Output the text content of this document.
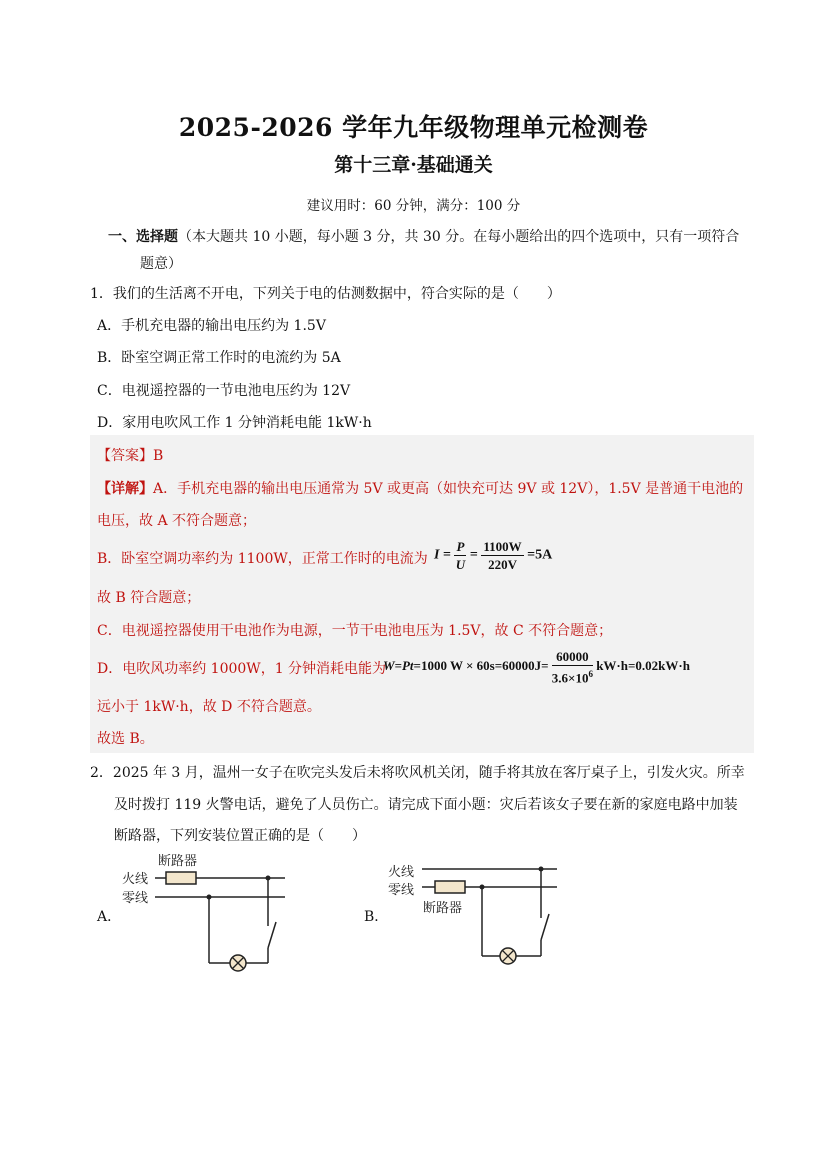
2025-2026 学年九年级物理单元检测卷
第十三章·基础通关
建议用时：60 分钟，满分：100 分
一、选择题（本大题共 10 小题，每小题 3 分，共 30 分。在每小题给出的四个选项中，只有一项符合
题意）
1．我们的生活离不开电，下列关于电的估测数据中，符合实际的是（　　）
A．手机充电器的输出电压约为 1.5V
B．卧室空调正常工作时的电流约为 5A
C．电视遥控器的一节电池电压约为 12V
D．家用电吹风工作 1 分钟消耗电能 1kW·h
【答案】B
【详解】A．手机充电器的输出电压通常为 5V 或更高（如快充可达 9V 或 12V），1.5V 是普通干电池的
电压，故 A 不符合题意；
B．卧室空调功率约为 1100W，正常工作时的电流为 $I = \frac{P}{U} = \frac{1100W}{220V} =5A$
故 B 符合题意；
C．电视遥控器使用干电池作为电源，一节干电池电压为 1.5V，故 C 不符合题意；
D．电吹风功率约 1000W，1 分钟消耗电能为
W=Pt=1000 $W \times 60s=60000J= \frac{60000}{3.6\times 10^6} kW\cdot h=0.02kW\cdot h$
远小于 1kW·h，故 D 不符合题意。
故选 B。
2．2025 年 3 月，温州一女子在吹完头发后未将吹风机关闭，随手将其放在客厅桌子上，引发火灾。所幸
及时拨打 119 火警电话，避免了人员伤亡。请完成下面小题：灾后若该女子要在新的家庭电路中加装
断路器，下列安装位置正确的是（　　）
A．	B．
断路器
火线
零线
火线
零线
断路器
